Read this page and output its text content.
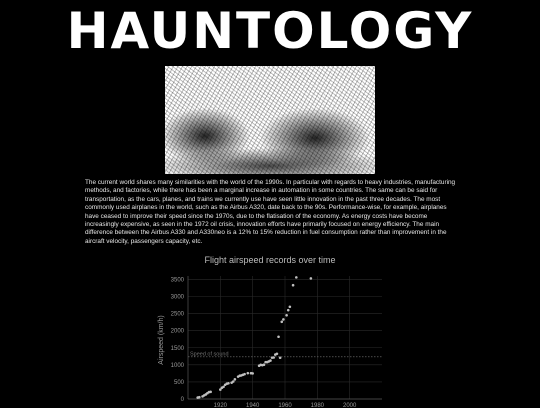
HAUNTOLOGY
The current world shares many similarities with the world of the 1990s. In particular with regards to heavy industries, manufacturing methods, and factories, while there has been a marginal increase in automation in some countries. The same can be said for transportation, as the cars, planes, and trains we currently use have seen little innovation in the past three decades. The most commonly used airplanes in the world, such as the Airbus A320, date back to the 90s. Performance-wise, for example, airplanes have ceased to improve their speed since the 1970s, due to the flatisation of the economy. As energy costs have become increasingly expensive, as seen in the 1972 oil crisis, innovation efforts have primarily focused on energy efficiency. The main difference between the Airbus A330 and A330neo is a 12% to 15% reduction in fuel consumption rather than improvement in the aircraft velocity, passengers capacity, etc.
Flight airspeed records over time
0
500
1000
1500
2000
2500
3000
3500
1920	1940	1960	1980	2000
Speed of sound
Airspeed (km/h)
